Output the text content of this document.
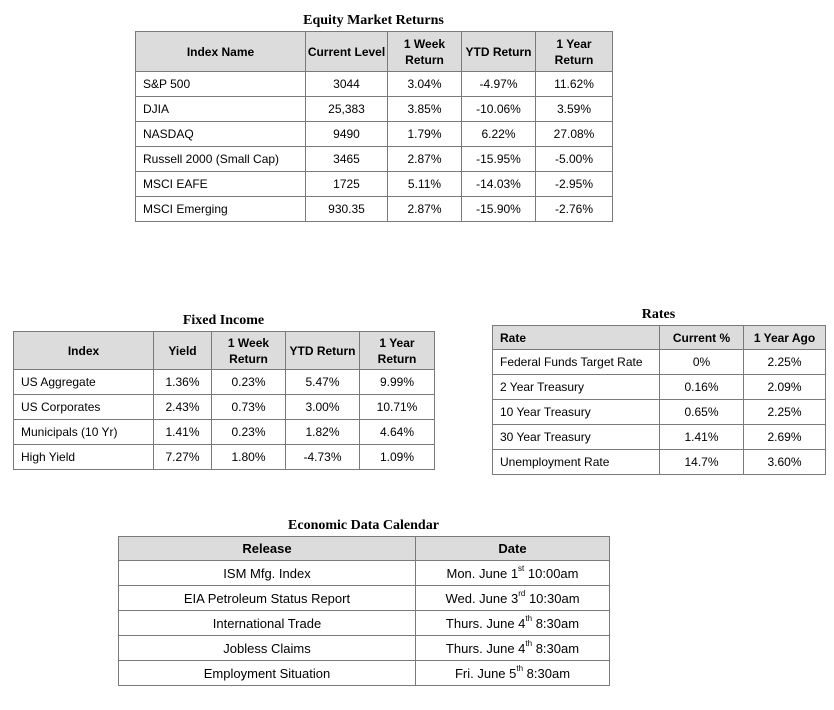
Equity Market Returns
Index Name	Current Level	1 Week Return	YTD Return	1 Year Return
S&P 500	3044	3.04%	-4.97%	11.62%
DJIA	25,383	3.85%	-10.06%	3.59%
NASDAQ	9490	1.79%	6.22%	27.08%
Russell 2000 (Small Cap)	3465	2.87%	-15.95%	-5.00%
MSCI EAFE	1725	5.11%	-14.03%	-2.95%
MSCI Emerging	930.35	2.87%	-15.90%	-2.76%
Fixed Income
Index	Yield	1 Week Return	YTD Return	1 Year Return
US Aggregate	1.36%	0.23%	5.47%	9.99%
US Corporates	2.43%	0.73%	3.00%	10.71%
Municipals (10 Yr)	1.41%	0.23%	1.82%	4.64%
High Yield	7.27%	1.80%	-4.73%	1.09%
Rates
Rate	Current %	1 Year Ago
Federal Funds Target Rate	0%	2.25%
2 Year Treasury	0.16%	2.09%
10 Year Treasury	0.65%	2.25%
30 Year Treasury	1.41%	2.69%
Unemployment Rate	14.7%	3.60%
Economic Data Calendar
Release	Date
ISM Mfg. Index	Mon. June 1st 10:00am
EIA Petroleum Status Report	Wed. June 3rd 10:30am
International Trade	Thurs. June 4th 8:30am
Jobless Claims	Thurs. June 4th 8:30am
Employment Situation	Fri. June 5th 8:30am
